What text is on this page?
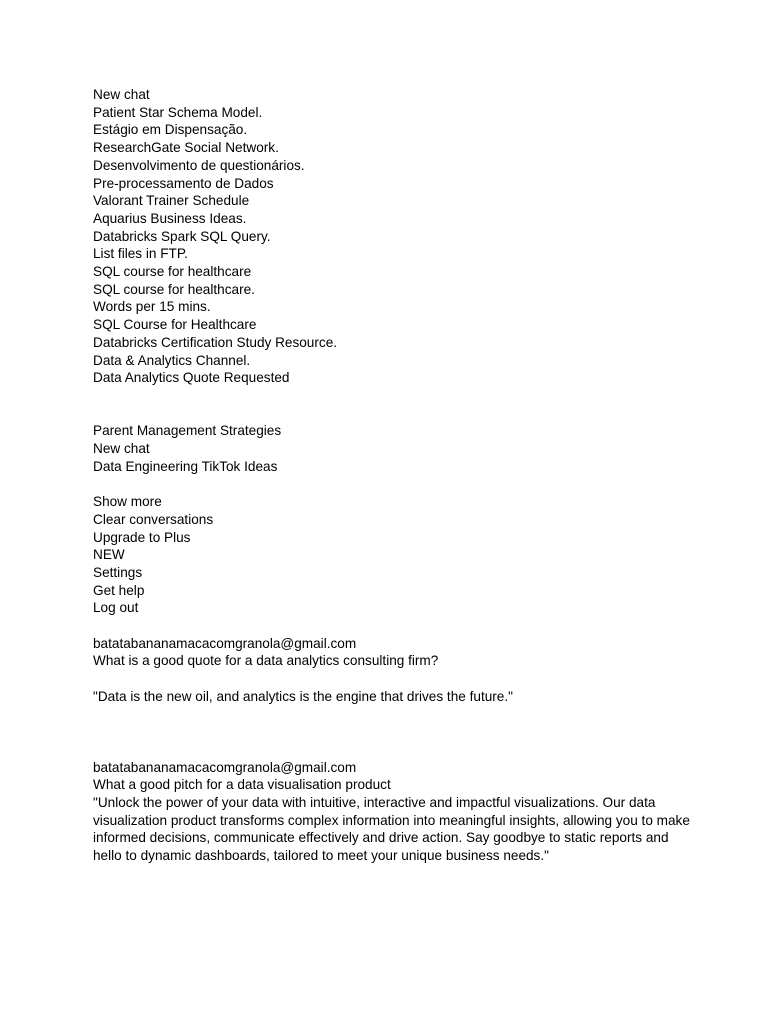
New chat
Patient Star Schema Model.
Estágio em Dispensação.
ResearchGate Social Network.
Desenvolvimento de questionários.
Pre-processamento de Dados
Valorant Trainer Schedule
Aquarius Business Ideas.
Databricks Spark SQL Query.
List files in FTP.
SQL course for healthcare
SQL course for healthcare.
Words per 15 mins.
SQL Course for Healthcare
Databricks Certification Study Resource.
Data & Analytics Channel.
Data Analytics Quote Requested
Parent Management Strategies
New chat
Data Engineering TikTok Ideas
Show more
Clear conversations
Upgrade to Plus
NEW
Settings
Get help
Log out
batatabananamacacomgranola@gmail.com
What is a good quote for a data analytics consulting firm?
"Data is the new oil, and analytics is the engine that drives the future."
batatabananamacacomgranola@gmail.com
What a good pitch for a data visualisation product
"Unlock the power of your data with intuitive, interactive and impactful visualizations. Our data visualization product transforms complex information into meaningful insights, allowing you to make informed decisions, communicate effectively and drive action. Say goodbye to static reports and hello to dynamic dashboards, tailored to meet your unique business needs."
